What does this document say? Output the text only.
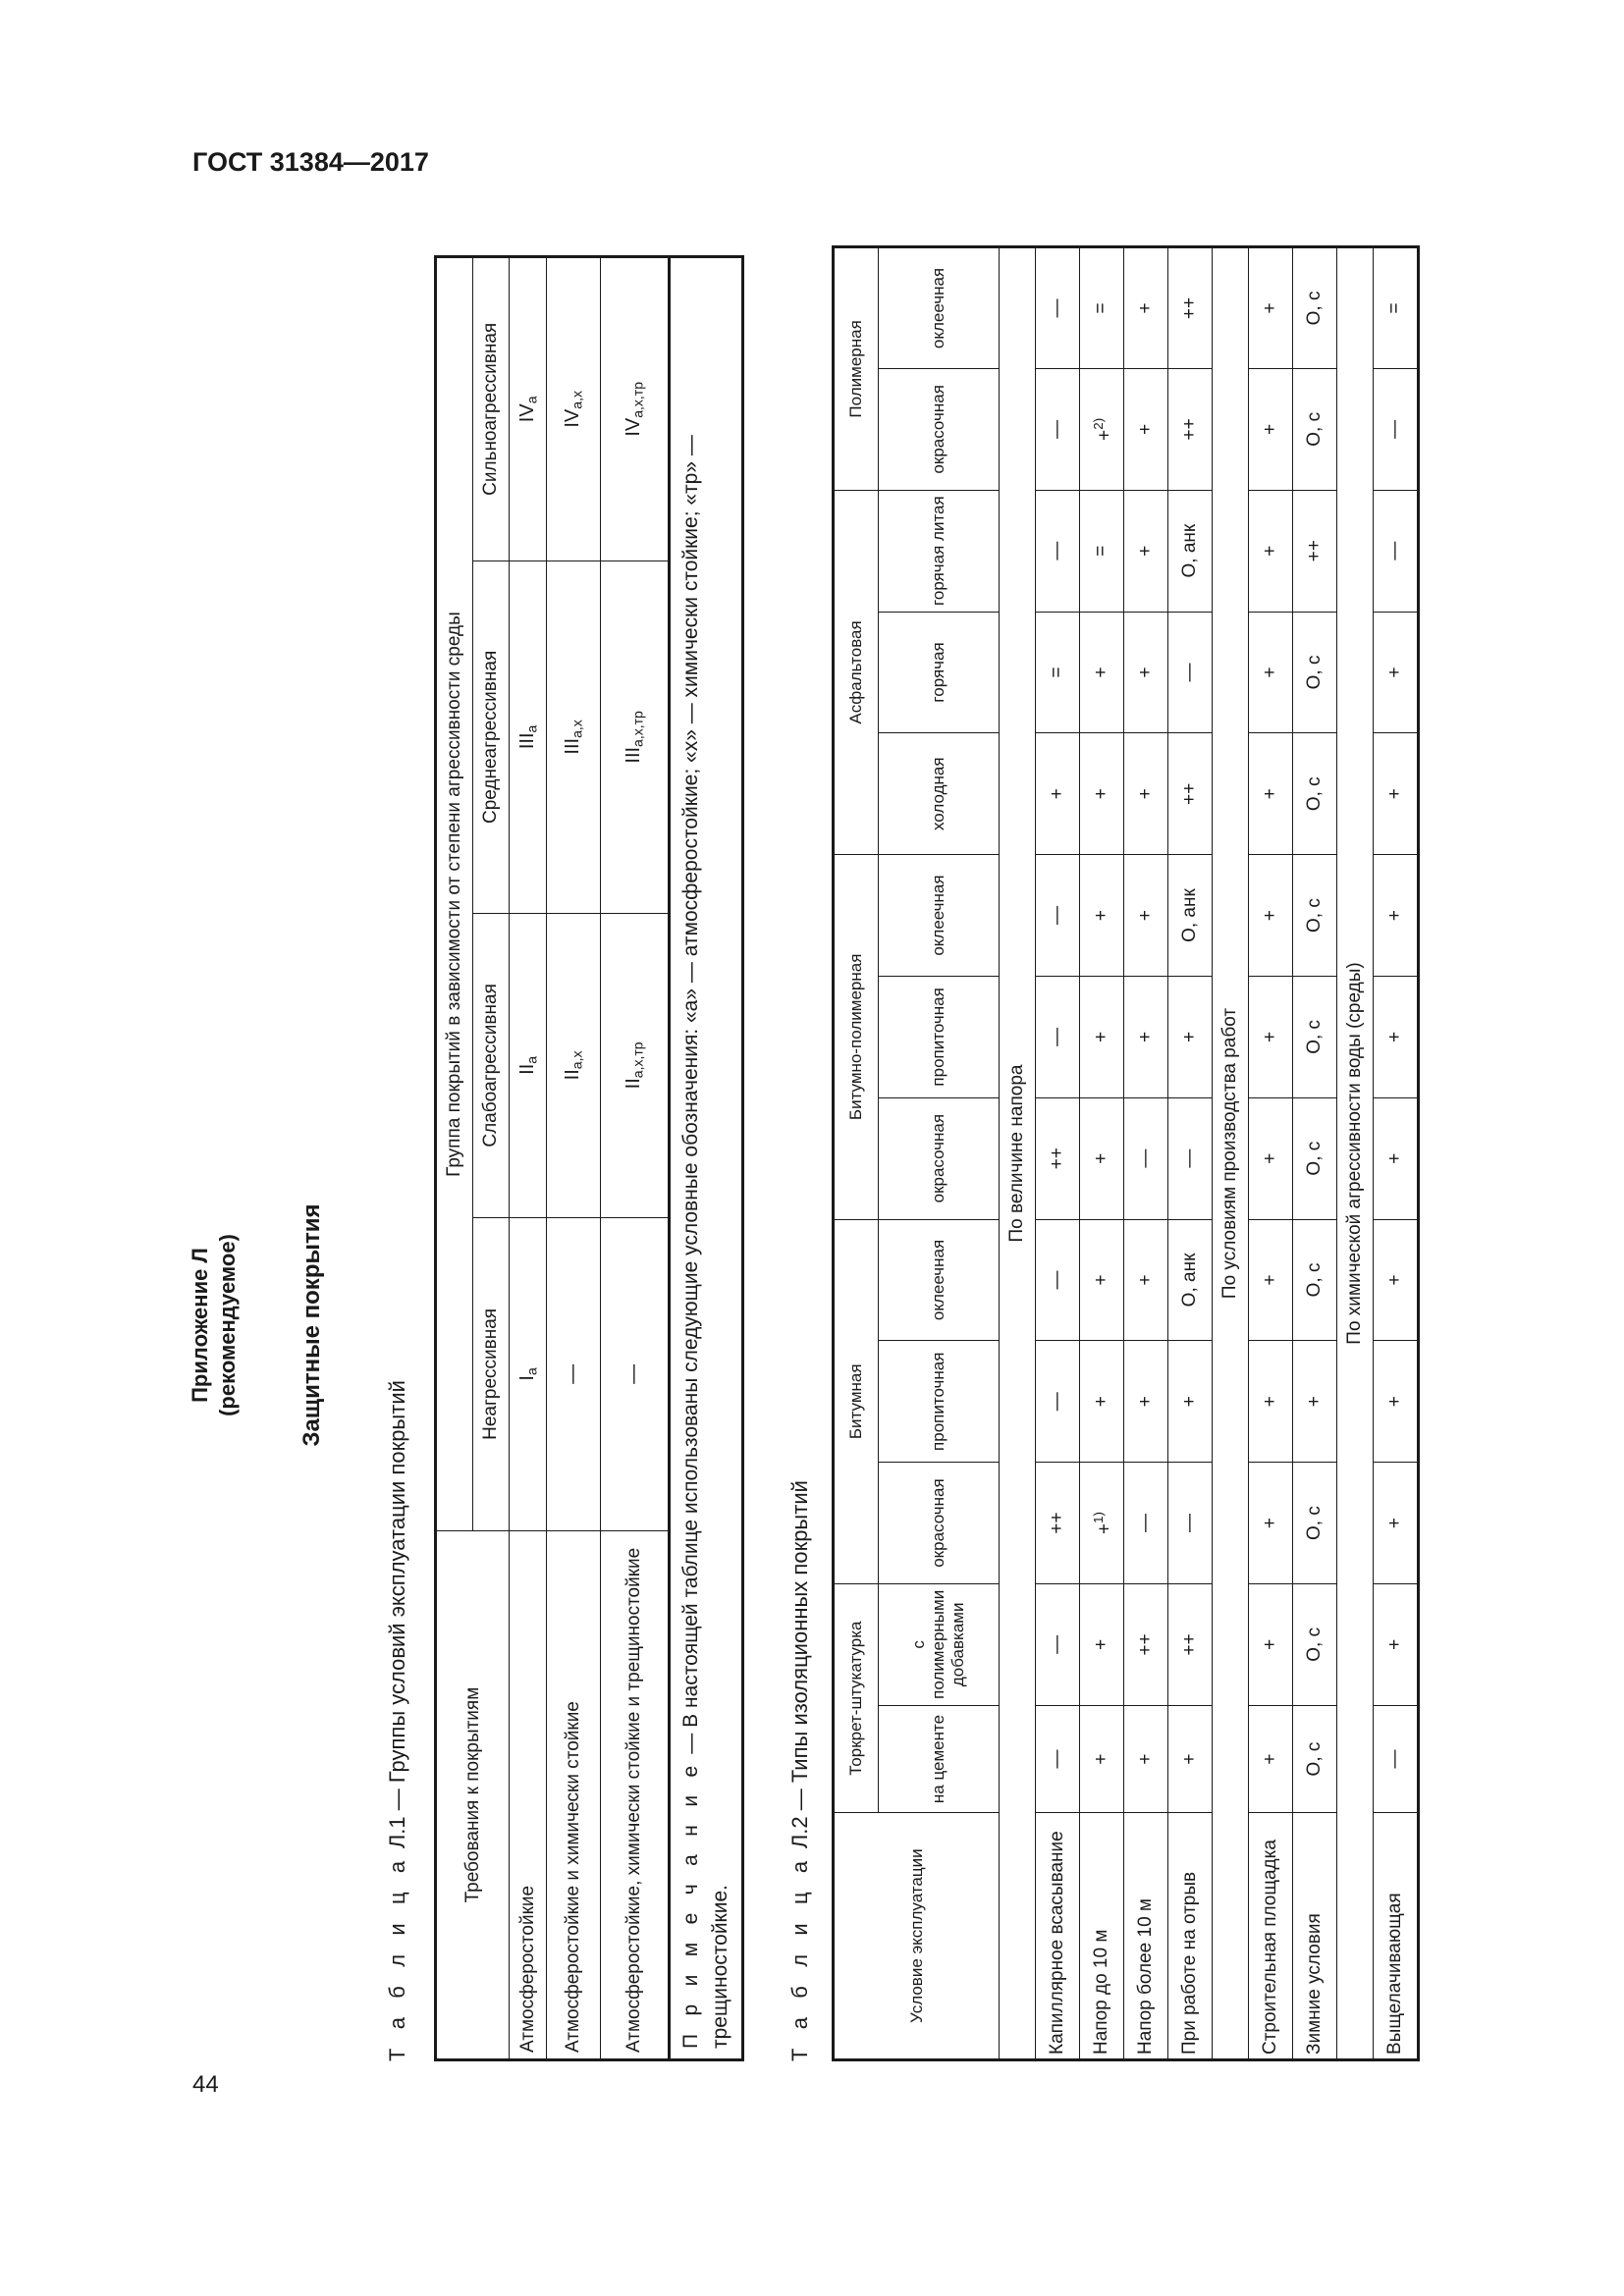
ГОСТ 31384—2017
44
Приложение Л (рекомендуемое)	Защитные покрытия
Т а б л и ц а Л.1 — Группы условий эксплуатации покрытий	Требования к покрытиям	Группа покрытий в зависимости от степени агрессивности среды			
	Неагрессивная	Слабоагрессивная	Среднеагрессивная	Сильноагрессивная
Атмосферостойкие	$I_а$	$II_а$	$III_а$	$IV_а$
Атмосферостойкие и химически стойкие	—	$II_{а,х}$	$III_{а,х}$	$IV_{а,х}$
Атмосферостойкие, химически стойкие и трещиностойкие	—	$II_{а,х,тр}$	$III_{а,х,тр}$	$IV_{а,х,тр}$
П р и м е ч а н и е — В настоящей таблице использованы следующие условные обозначения: «а» — атмосферостойкие; «х» — химически стойкие; «тр» — трещиностойкие.					Т а б л и ц а Л.2 — Типы изоляционных покрытий
Условие эксплуатации	Торкрет-штукатурка		Битумная			Битумно-полимерная			Асфальтовая			Полимерная	
	на цементе	с полимерными добавками	окрасочная	пропиточная	оклеечная	окрасочная	пропиточная	оклеечная	холодная	горячая	горячая литая	окрасочная	оклеечная
По величине напора													
Капиллярное всасывание	—	—	++	—	—	++	—	—	+	=	—	—	—
Напор до 10 м	+	+	+$^{1)}$	+	+	+	+	+	+	+	=	+$^{2)}$	=
Напор более 10 м	+	++	—	+	+	—	+	+	+	+	+	+	+
При работе на отрыв	+	++	—	+	О, анк	—	+	О, анк	++	—	О, анк	++	++
По условиям производства работ													
Строительная площадка	+	+	+	+	+	+	+	+	+	+	+	+	+
Зимние условия	О, с	О, с	О, с	+	О, с	О, с	О, с	О, с	О, с	О, с	++	О, с	О, с
По химической агрессивности воды (среды)													
Выщелачивающая	—	+	+	+	+	+	+	+	+	+	—	—	=
